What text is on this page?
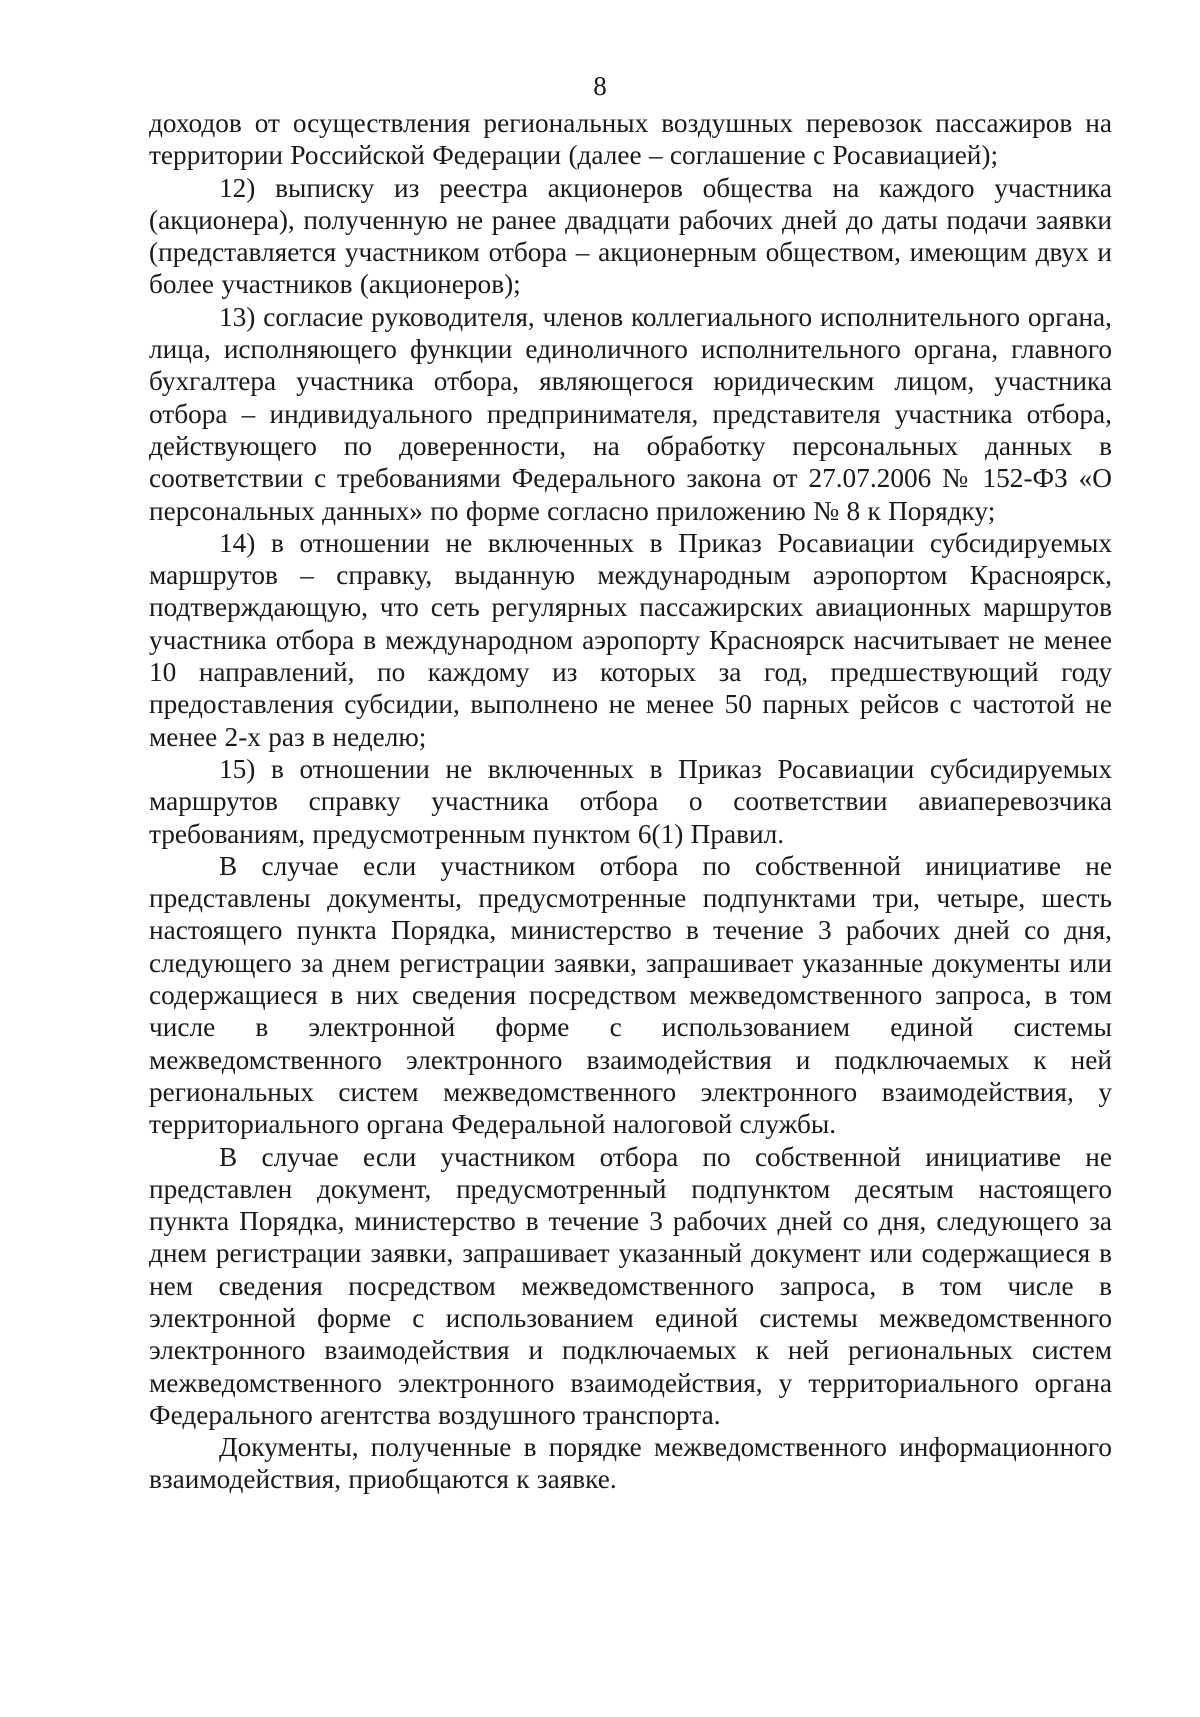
8

доходов от осуществления региональных воздушных перевозок пассажиров на территории Российской Федерации (далее – соглашение с Росавиацией);

12) выписку из реестра акционеров общества на каждого участника (акционера), полученную не ранее двадцати рабочих дней до даты подачи заявки (представляется участником отбора – акционерным обществом, имеющим двух и более участников (акционеров);

13) согласие руководителя, членов коллегиального исполнительного органа, лица, исполняющего функции единоличного исполнительного органа, главного бухгалтера участника отбора, являющегося юридическим лицом, участника отбора – индивидуального предпринимателя, представителя участника отбора, действующего по доверенности, на обработку персональных данных в соответствии с требованиями Федерального закона от 27.07.2006 № 152-ФЗ «О персональных данных» по форме согласно приложению № 8 к Порядку;

14) в отношении не включенных в Приказ Росавиации субсидируемых маршрутов – справку, выданную международным аэропортом Красноярск, подтверждающую, что сеть регулярных пассажирских авиационных маршрутов участника отбора в международном аэропорту Красноярск насчитывает не менее 10 направлений, по каждому из которых за год, предшествующий году предоставления субсидии, выполнено не менее 50 парных рейсов с частотой не менее 2-х раз в неделю;

15) в отношении не включенных в Приказ Росавиации субсидируемых маршрутов справку участника отбора о соответствии авиаперевозчика требованиям, предусмотренным пунктом 6(1) Правил.

В случае если участником отбора по собственной инициативе не представлены документы, предусмотренные подпунктами три, четыре, шесть настоящего пункта Порядка, министерство в течение 3 рабочих дней со дня, следующего за днем регистрации заявки, запрашивает указанные документы или содержащиеся в них сведения посредством межведомственного запроса, в том числе в электронной форме с использованием единой системы межведомственного электронного взаимодействия и подключаемых к ней региональных систем межведомственного электронного взаимодействия, у территориального органа Федеральной налоговой службы.

В случае если участником отбора по собственной инициативе не представлен документ, предусмотренный подпунктом десятым настоящего пункта Порядка, министерство в течение 3 рабочих дней со дня, следующего за днем регистрации заявки, запрашивает указанный документ или содержащиеся в нем сведения посредством межведомственного запроса, в том числе в электронной форме с использованием единой системы межведомственного электронного взаимодействия и подключаемых к ней региональных систем межведомственного электронного взаимодействия, у территориального органа Федерального агентства воздушного транспорта.

Документы, полученные в порядке межведомственного информационного взаимодействия, приобщаются к заявке.
